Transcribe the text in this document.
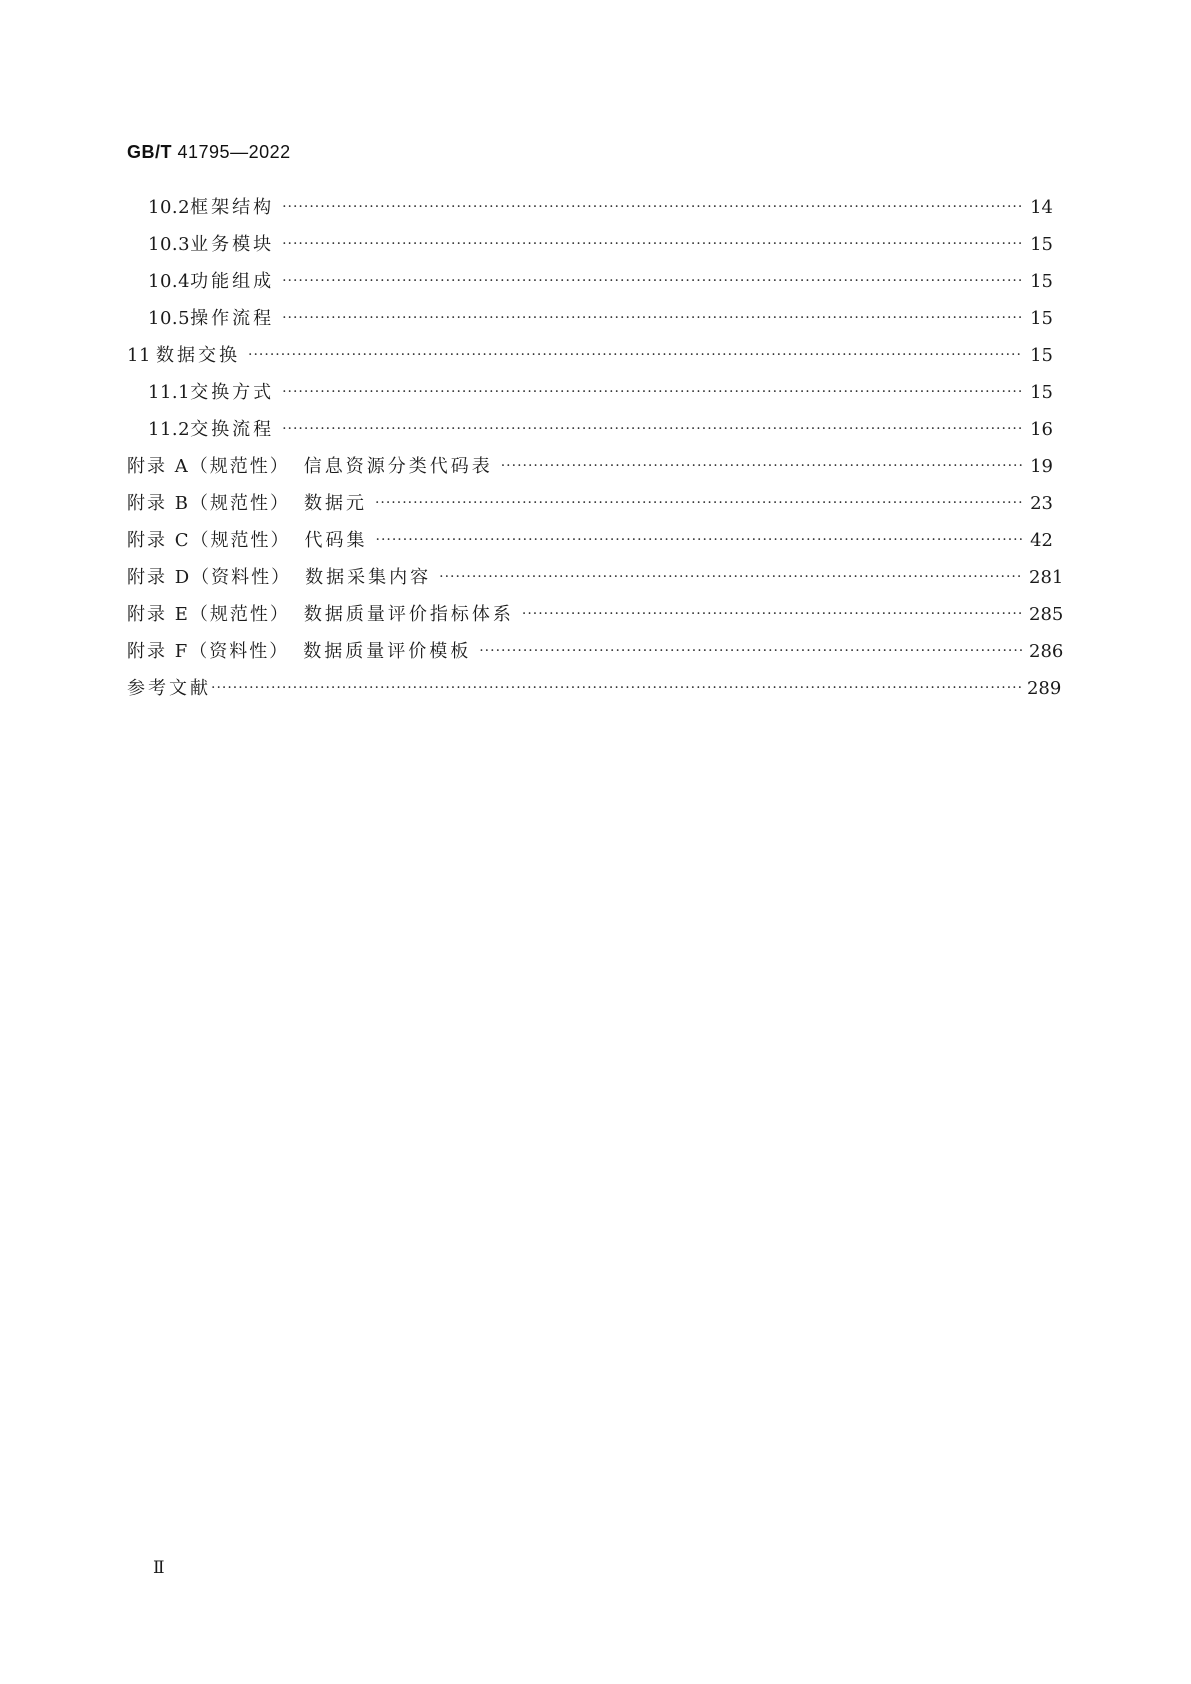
GB/T 41795—2022
10.2 框架结构 ·····	14
10.3 业务模块 ·····	15
10.4 功能组成 ·····	15
10.5 操作流程 ·····	15
11 数据交换 ·····	15
11.1 交换方式 ·····	15
11.2 交换流程 ·····	16
附录 A（规范性） 信息资源分类代码表 ·····	19
附录 B（规范性） 数据元 ·····	23
附录 C（规范性） 代码集 ·····	42
附录 D（资料性） 数据采集内容 ·····	281
附录 E（规范性） 数据质量评价指标体系 ·····	285
附录 F（资料性） 数据质量评价模板 ·····	286
参考文献 ·····	289
Ⅱ
